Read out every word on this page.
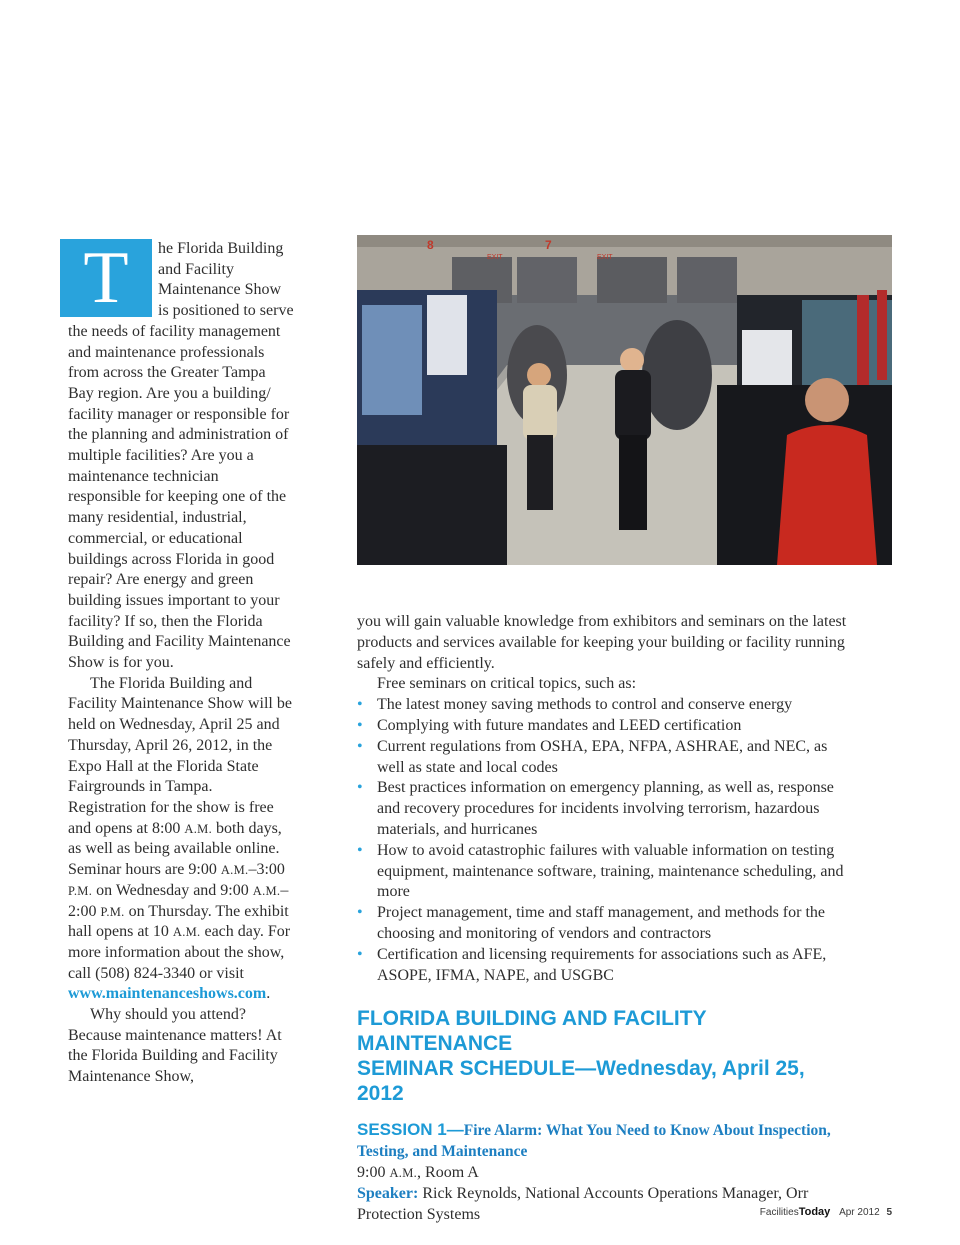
T	he Florida Building and Facility Maintenance Show is positioned to serve the needs of facility management and maintenance professionals from across the Greater Tampa Bay region. Are you a building/ facility manager or responsible for the planning and administration of multiple facilities? Are you a maintenance technician responsible for keeping one of the many residential, industrial, commercial, or educational buildings across Florida in good repair? Are energy and green building issues important to your facility? If so, then the Florida Building and Facility Maintenance Show is for you.

The Florida Building and Facility Maintenance Show will be held on Wednesday, April 25 and Thursday, April 26, 2012, in the Expo Hall at the Florida State Fairgrounds in Tampa. Registration for the show is free and opens at 8:00 A.M. both days, as well as being available online. Seminar hours are 9:00 A.M.–3:00 P.M. on Wednesday and 9:00 A.M.–2:00 P.M. on Thursday. The exhibit hall opens at 10 A.M. each day. For more information about the show, call (508) 824-3340 or visit www.maintenanceshows.com.

Why should you attend? Because maintenance matters! At the Florida Building and Facility Maintenance Show,

8	7
EXIT	EXIT

you will gain valuable knowledge from exhibitors and seminars on the latest products and services available for keeping your building or facility running safely and efficiently.

Free seminars on critical topics, such as:

• The latest money saving methods to control and conserve energy
• Complying with future mandates and LEED certification
• Current regulations from OSHA, EPA, NFPA, ASHRAE, and NEC, as well as state and local codes
• Best practices information on emergency planning, as well as, response and recovery procedures for incidents involving terrorism, hazardous materials, and hurricanes
• How to avoid catastrophic failures with valuable information on testing equipment, maintenance software, training, maintenance scheduling, and more
• Project management, time and staff management, and methods for the choosing and monitoring of vendors and contractors
• Certification and licensing requirements for associations such as AFE, ASOPE, IFMA, NAPE, and USGBC

FLORIDA BUILDING AND FACILITY MAINTENANCE
SEMINAR SCHEDULE—Wednesday, April 25, 2012

SESSION 1—Fire Alarm: What You Need to Know About Inspection, Testing, and Maintenance

9:00 A.M., Room A

Speaker: Rick Reynolds, National Accounts Operations Manager, Orr Protection Systems	FacilitiesToday Apr 2012 5
